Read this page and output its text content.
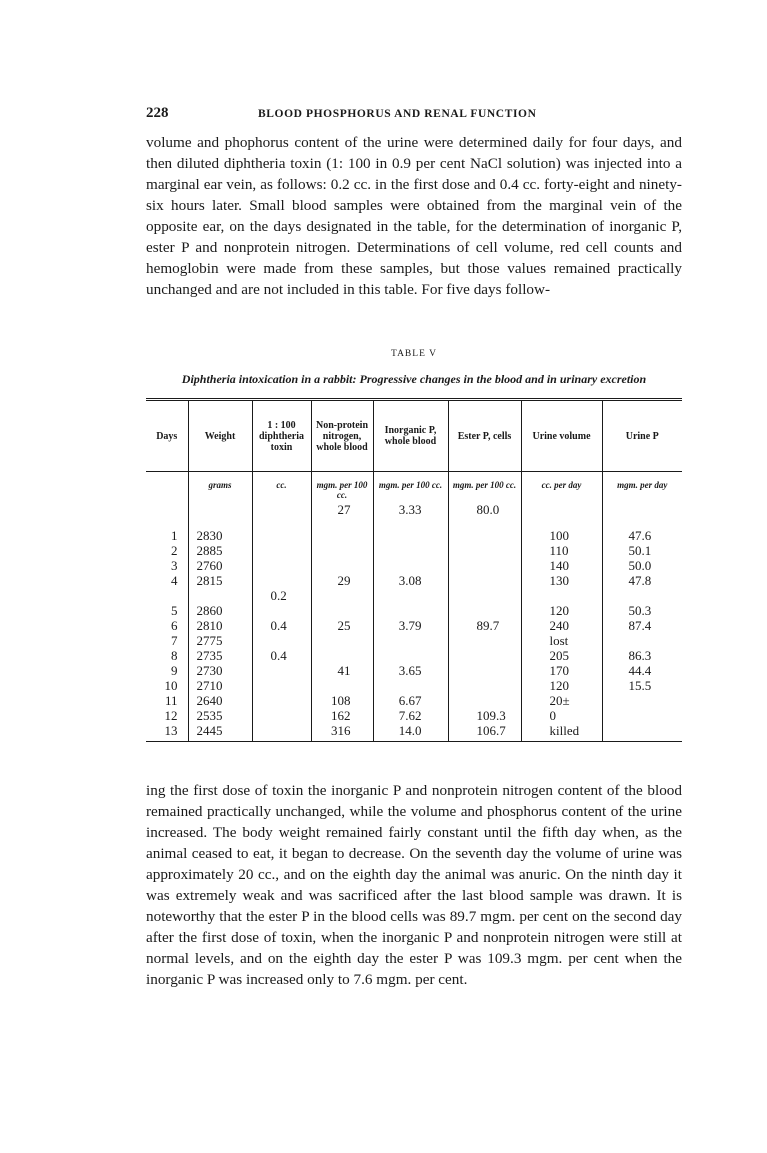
228	BLOOD PHOSPHORUS AND RENAL FUNCTION

volume and phophorus content of the urine were determined daily for four days, and then diluted diphtheria toxin (1: 100 in 0.9 per cent NaCl solution) was injected into a marginal ear vein, as follows: 0.2 cc. in the first dose and 0.4 cc. forty-eight and ninety-six hours later. Small blood samples were obtained from the marginal vein of the opposite ear, on the days designated in the table, for the determination of inorganic P, ester P and nonprotein nitrogen. Determinations of cell volume, red cell counts and hemoglobin were made from these samples, but those values remained practically unchanged and are not included in this table. For five days follow-

TABLE V
Diphtheria intoxication in a rabbit: Progressive changes in the blood and in urinary excretion
Days	Weight	1 : 100 diphtheria toxin	Non-protein nitrogen, whole blood	Inorganic P, whole blood	Ester P, cells	Urine volume	Urine P
	grams	cc.	mgm. per 100 cc.	mgm. per 100 cc.	mgm. per 100 cc.	cc. per day	mgm. per day
			27	3.33	80.0		
1	2830					100	47.6
2	2885					110	50.1
3	2760					140	50.0
4	2815		29	3.08		130	47.8
		0.2					
5	2860					120	50.3
6	2810	0.4	25	3.79	89.7	240	87.4
7	2775					lost	
8	2735	0.4				205	86.3
9	2730		41	3.65		170	44.4
10	2710					120	15.5
11	2640		108	6.67		20±	
12	2535		162	7.62	109.3	0	
13	2445		316	14.0	106.7	killed	

ing the first dose of toxin the inorganic P and nonprotein nitrogen content of the blood remained practically unchanged, while the volume and phosphorus content of the urine increased. The body weight remained fairly constant until the fifth day when, as the animal ceased to eat, it began to decrease. On the seventh day the volume of urine was approximately 20 cc., and on the eighth day the animal was anuric. On the ninth day it was extremely weak and was sacrificed after the last blood sample was drawn. It is noteworthy that the ester P in the blood cells was 89.7 mgm. per cent on the second day after the first dose of toxin, when the inorganic P and nonprotein nitrogen were still at normal levels, and on the eighth day the ester P was 109.3 mgm. per cent when the inorganic P was increased only to 7.6 mgm. per cent.
